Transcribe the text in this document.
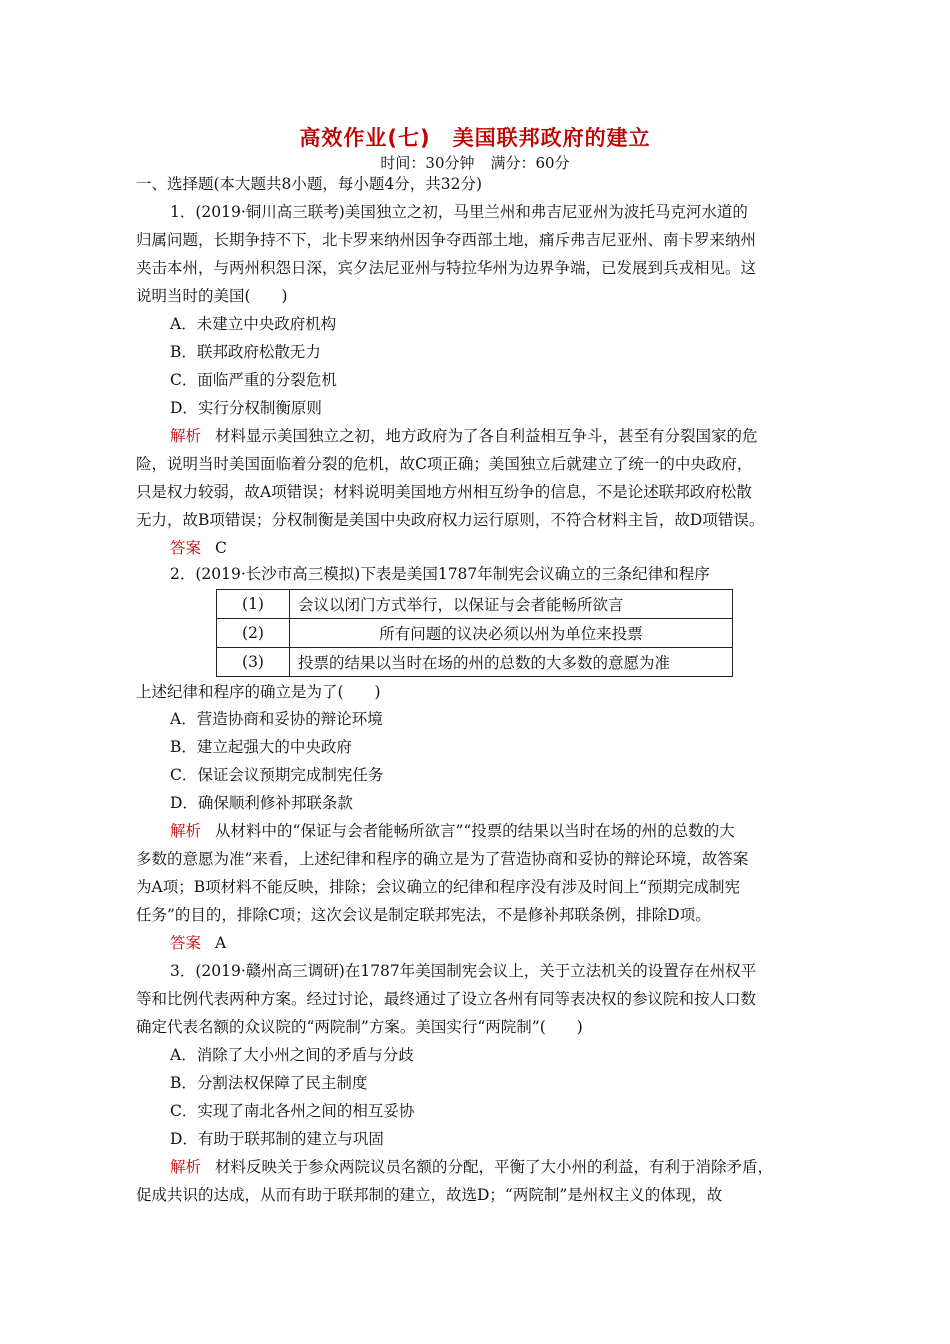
高效作业(七) 美国联邦政府的建立
时间：30分钟 满分：60分
一、选择题(本大题共8小题，每小题4分，共32分)
1．(2019·铜川高三联考)美国独立之初，马里兰州和弗吉尼亚州为波托马克河水道的
归属问题，长期争持不下，北卡罗来纳州因争夺西部土地，痛斥弗吉尼亚州、南卡罗来纳州
夹击本州，与两州积怨日深，宾夕法尼亚州与特拉华州为边界争端，已发展到兵戎相见。这
说明当时的美国(　　)
A．未建立中央政府机构
B．联邦政府松散无力
C．面临严重的分裂危机
D．实行分权制衡原则
解析 材料显示美国独立之初，地方政府为了各自利益相互争斗，甚至有分裂国家的危
险，说明当时美国面临着分裂的危机，故C项正确；美国独立后就建立了统一的中央政府，
只是权力较弱，故A项错误；材料说明美国地方州相互纷争的信息，不是论述联邦政府松散
无力，故B项错误；分权制衡是美国中央政府权力运行原则，不符合材料主旨，故D项错误。
答案 C
2．(2019·长沙市高三模拟)下表是美国1787年制宪会议确立的三条纪律和程序
(1)	会议以闭门方式举行，以保证与会者能畅所欲言
(2)	所有问题的议决必须以州为单位来投票
(3)	投票的结果以当时在场的州的总数的大多数的意愿为准
上述纪律和程序的确立是为了(　　)
A．营造协商和妥协的辩论环境
B．建立起强大的中央政府
C．保证会议预期完成制宪任务
D．确保顺利修补邦联条款
解析 从材料中的“保证与会者能畅所欲言”“投票的结果以当时在场的州的总数的大
多数的意愿为准”来看，上述纪律和程序的确立是为了营造协商和妥协的辩论环境，故答案
为A项；B项材料不能反映，排除；会议确立的纪律和程序没有涉及时间上“预期完成制宪
任务”的目的，排除C项；这次会议是制定联邦宪法，不是修补邦联条例，排除D项。
答案 A
3．(2019·赣州高三调研)在1787年美国制宪会议上，关于立法机关的设置存在州权平
等和比例代表两种方案。经过讨论，最终通过了设立各州有同等表决权的参议院和按人口数
确定代表名额的众议院的“两院制”方案。美国实行“两院制”(　　)
A．消除了大小州之间的矛盾与分歧
B．分割法权保障了民主制度
C．实现了南北各州之间的相互妥协
D．有助于联邦制的建立与巩固
解析 材料反映关于参众两院议员名额的分配，平衡了大小州的利益，有利于消除矛盾，
促成共识的达成，从而有助于联邦制的建立，故选D；“两院制”是州权主义的体现，故
